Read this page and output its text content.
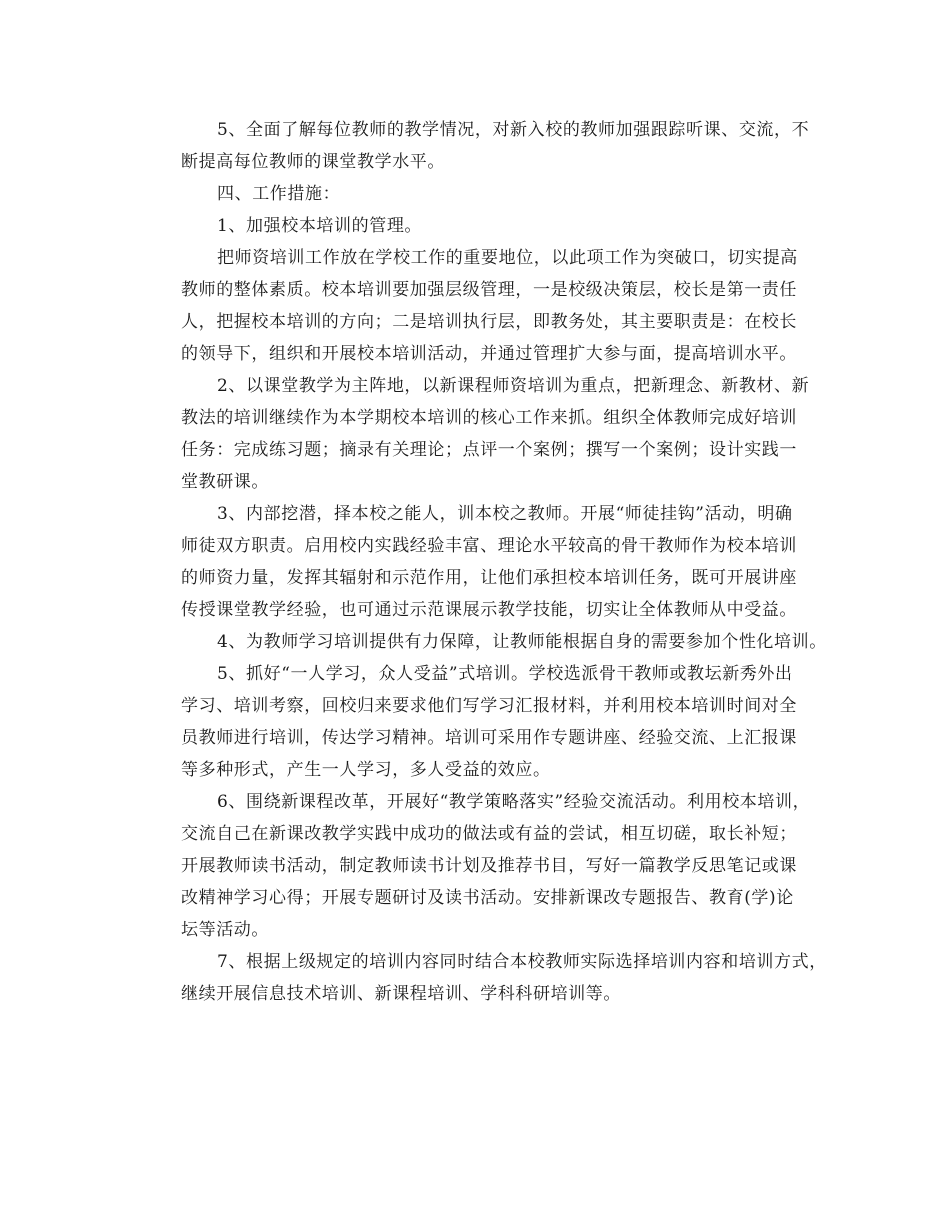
5、全面了解每位教师的教学情况，对新入校的教师加强跟踪听课、交流，不
断提高每位教师的课堂教学水平。
四、工作措施：
1、加强校本培训的管理。
把师资培训工作放在学校工作的重要地位，以此项工作为突破口，切实提高
教师的整体素质。校本培训要加强层级管理，一是校级决策层，校长是第一责任
人，把握校本培训的方向；二是培训执行层，即教务处，其主要职责是：在校长
的领导下，组织和开展校本培训活动，并通过管理扩大参与面，提高培训水平。
2、以课堂教学为主阵地，以新课程师资培训为重点，把新理念、新教材、新
教法的培训继续作为本学期校本培训的核心工作来抓。组织全体教师完成好培训
任务：完成练习题；摘录有关理论；点评一个案例；撰写一个案例；设计实践一
堂教研课。
3、内部挖潜，择本校之能人，训本校之教师。开展“师徒挂钩”活动，明确
师徒双方职责。启用校内实践经验丰富、理论水平较高的骨干教师作为校本培训
的师资力量，发挥其辐射和示范作用，让他们承担校本培训任务，既可开展讲座
传授课堂教学经验，也可通过示范课展示教学技能，切实让全体教师从中受益。
4、为教师学习培训提供有力保障，让教师能根据自身的需要参加个性化培训。
5、抓好“一人学习，众人受益”式培训。学校选派骨干教师或教坛新秀外出
学习、培训考察，回校归来要求他们写学习汇报材料，并利用校本培训时间对全
员教师进行培训，传达学习精神。培训可采用作专题讲座、经验交流、上汇报课
等多种形式，产生一人学习，多人受益的效应。
6、围绕新课程改革，开展好“教学策略落实”经验交流活动。利用校本培训，
交流自己在新课改教学实践中成功的做法或有益的尝试，相互切磋，取长补短；
开展教师读书活动，制定教师读书计划及推荐书目，写好一篇教学反思笔记或课
改精神学习心得；开展专题研讨及读书活动。安排新课改专题报告、教育(学)论
坛等活动。
7、根据上级规定的培训内容同时结合本校教师实际选择培训内容和培训方式，
继续开展信息技术培训、新课程培训、学科科研培训等。
